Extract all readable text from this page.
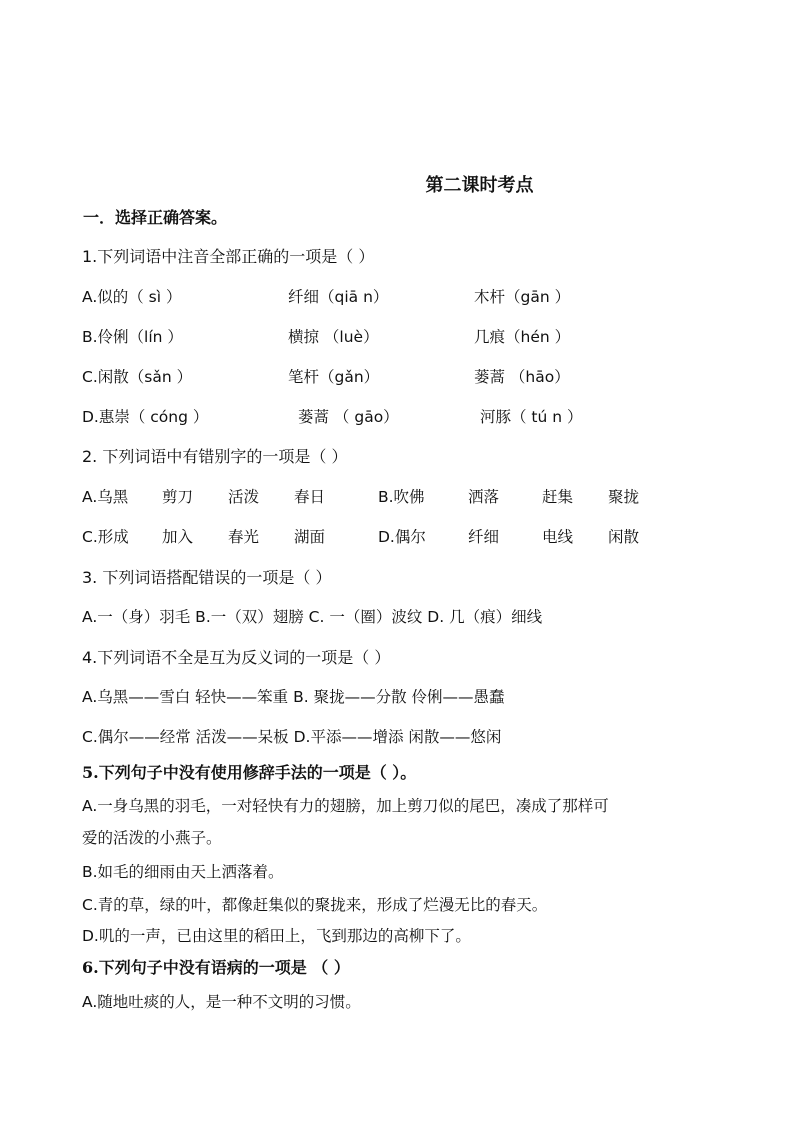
第二课时考点
一．选择正确答案。
1.下列词语中注音全部正确的一项是（ ）
A.似的（ sì ）	纤细（qiā n）	木杆（gān ）
B.伶俐（lín ）	横掠 （luè）	几痕（hén ）
C.闲散（sǎn ）	笔杆（gǎn）	蒌蒿 （hāo）
D.惠崇（ cóng ）	蒌蒿 （ gāo）	河豚（ tú n ）
2. 下列词语中有错别字的一项是（ ）
A.乌黑 剪刀 活泼 春日	B.吹佛	洒落	赶集 聚拢
C.形成 加入 春光 湖面	D.偶尔	纤细	电线 闲散
3. 下列词语搭配错误的一项是（ ）
A.一（身）羽毛 B.一（双）翅膀 C. 一（圈）波纹 D. 几（痕）细线
4.下列词语不全是互为反义词的一项是（ ）
A.乌黑——雪白 轻快——笨重 B. 聚拢——分散 伶俐——愚蠢
C.偶尔——经常 活泼——呆板 D.平添——增添 闲散——悠闲
5.下列句子中没有使用修辞手法的一项是（ ）。
A.一身乌黑的羽毛，一对轻快有力的翅膀，加上剪刀似的尾巴，凑成了那样可
爱的活泼的小燕子。
B.如毛的细雨由天上洒落着。
C.青的草，绿的叶，都像赶集似的聚拢来，形成了烂漫无比的春天。
D.叽的一声，已由这里的稻田上，飞到那边的高柳下了。
6.下列句子中没有语病的一项是 （ ）
A.随地吐痰的人，是一种不文明的习惯。
